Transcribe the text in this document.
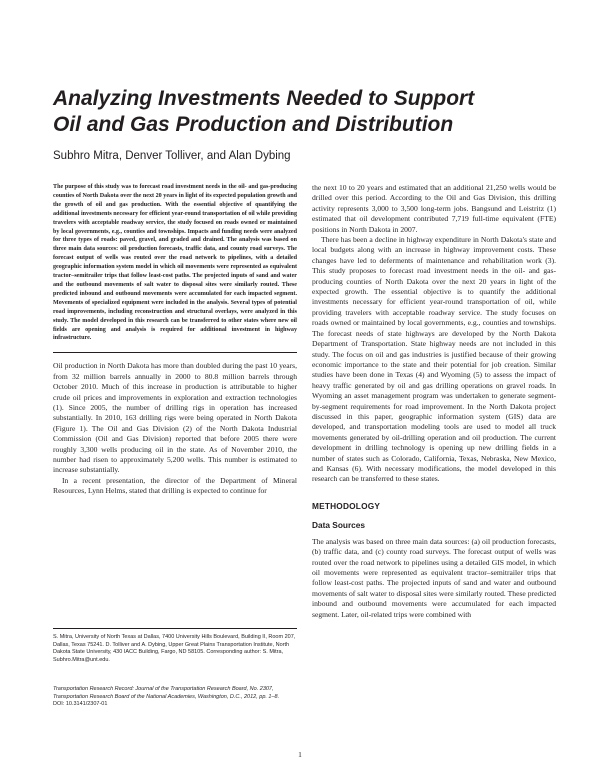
Analyzing Investments Needed to Support
Oil and Gas Production and Distribution
Subhro Mitra, Denver Tolliver, and Alan Dybing

The purpose of this study was to forecast road investment needs in the oil- and gas-producing counties of North Dakota over the next 20 years in light of its expected population growth and the growth of oil and gas production. With the essential objective of quantifying the additional investments necessary for efficient year-round transportation of oil while providing travelers with acceptable roadway service, the study focused on roads owned or maintained by local governments, e.g., counties and townships. Impacts and funding needs were analyzed for three types of roads: paved, gravel, and graded and drained. The analysis was based on three main data sources: oil production forecasts, traffic data, and county road surveys. The forecast output of wells was routed over the road network to pipelines, with a detailed geographic information system model in which oil movements were represented as equivalent tractor–semitrailer trips that follow least-cost paths. The projected inputs of sand and water and the outbound movements of salt water to disposal sites were similarly routed. These predicted inbound and outbound movements were accumulated for each impacted segment. Movements of specialized equipment were included in the analysis. Several types of potential road improvements, including reconstruction and structural overlays, were analyzed in this study. The model developed in this research can be transferred to other states where new oil fields are opening and analysis is required for additional investment in highway infrastructure.

Oil production in North Dakota has more than doubled during the past 10 years, from 32 million barrels annually in 2000 to 80.8 million barrels through October 2010. Much of this increase in production is attributable to higher crude oil prices and improvements in exploration and extraction technologies (1). Since 2005, the number of drilling rigs in operation has increased substantially. In 2010, 163 drilling rigs were being operated in North Dakota (Figure 1). The Oil and Gas Division (2) of the North Dakota Industrial Commission (Oil and Gas Division) reported that before 2005 there were roughly 3,300 wells producing oil in the state. As of November 2010, the number had risen to approximately 5,200 wells. This number is estimated to increase substantially.

In a recent presentation, the director of the Department of Mineral Resources, Lynn Helms, stated that drilling is expected to continue for

S. Mitra, University of North Texas at Dallas, 7400 University Hills Boulevard, Building II, Room 207, Dallas, Texas 75241. D. Tolliver and A. Dybing, Upper Great Plains Transportation Institute, North Dakota State University, 430 IACC Building, Fargo, ND 58105. Corresponding author: S. Mitra, Subhro.Mitra@unt.edu.

Transportation Research Record: Journal of the Transportation Research Board, No. 2307, Transportation Research Board of the National Academies, Washington, D.C., 2012, pp. 1–8.

DOI: 10.3141/2307-01

the next 10 to 20 years and estimated that an additional 21,250 wells would be drilled over this period. According to the Oil and Gas Division, this drilling activity represents 3,000 to 3,500 long-term jobs. Bangsund and Leistritz (1) estimated that oil development contributed 7,719 full-time equivalent (FTE) positions in North Dakota in 2007.

There has been a decline in highway expenditure in North Dakota's state and local budgets along with an increase in highway improvement costs. These changes have led to deferments of maintenance and rehabilitation work (3). This study proposes to forecast road investment needs in the oil- and gas-producing counties of North Dakota over the next 20 years in light of the expected growth. The essential objective is to quantify the additional investments necessary for efficient year-round transportation of oil, while providing travelers with acceptable roadway service. The study focuses on roads owned or maintained by local governments, e.g., counties and townships. The forecast needs of state highways are developed by the North Dakota Department of Transportation. State highway needs are not included in this study. The focus on oil and gas industries is justified because of their growing economic importance to the state and their potential for job creation. Similar studies have been done in Texas (4) and Wyoming (5) to assess the impact of heavy traffic generated by oil and gas drilling operations on gravel roads. In Wyoming an asset management program was undertaken to generate segment-by-segment requirements for road improvement. In the North Dakota project discussed in this paper, geographic information system (GIS) data are developed, and transportation modeling tools are used to model all truck movements generated by oil-drilling operation and oil production. The current development in drilling technology is opening up new drilling fields in a number of states such as Colorado, California, Texas, Nebraska, New Mexico, and Kansas (6). With necessary modifications, the model developed in this research can be transferred to these states.

METHODOLOGY
Data Sources

The analysis was based on three main data sources: (a) oil production forecasts, (b) traffic data, and (c) county road surveys. The forecast output of wells was routed over the road network to pipelines using a detailed GIS model, in which oil movements were represented as equivalent tractor–semitrailer trips that follow least-cost paths. The projected inputs of sand and water and outbound movements of salt water to disposal sites were similarly routed. These predicted inbound and outbound movements were accumulated for each impacted segment. Later, oil-related trips were combined with

1
